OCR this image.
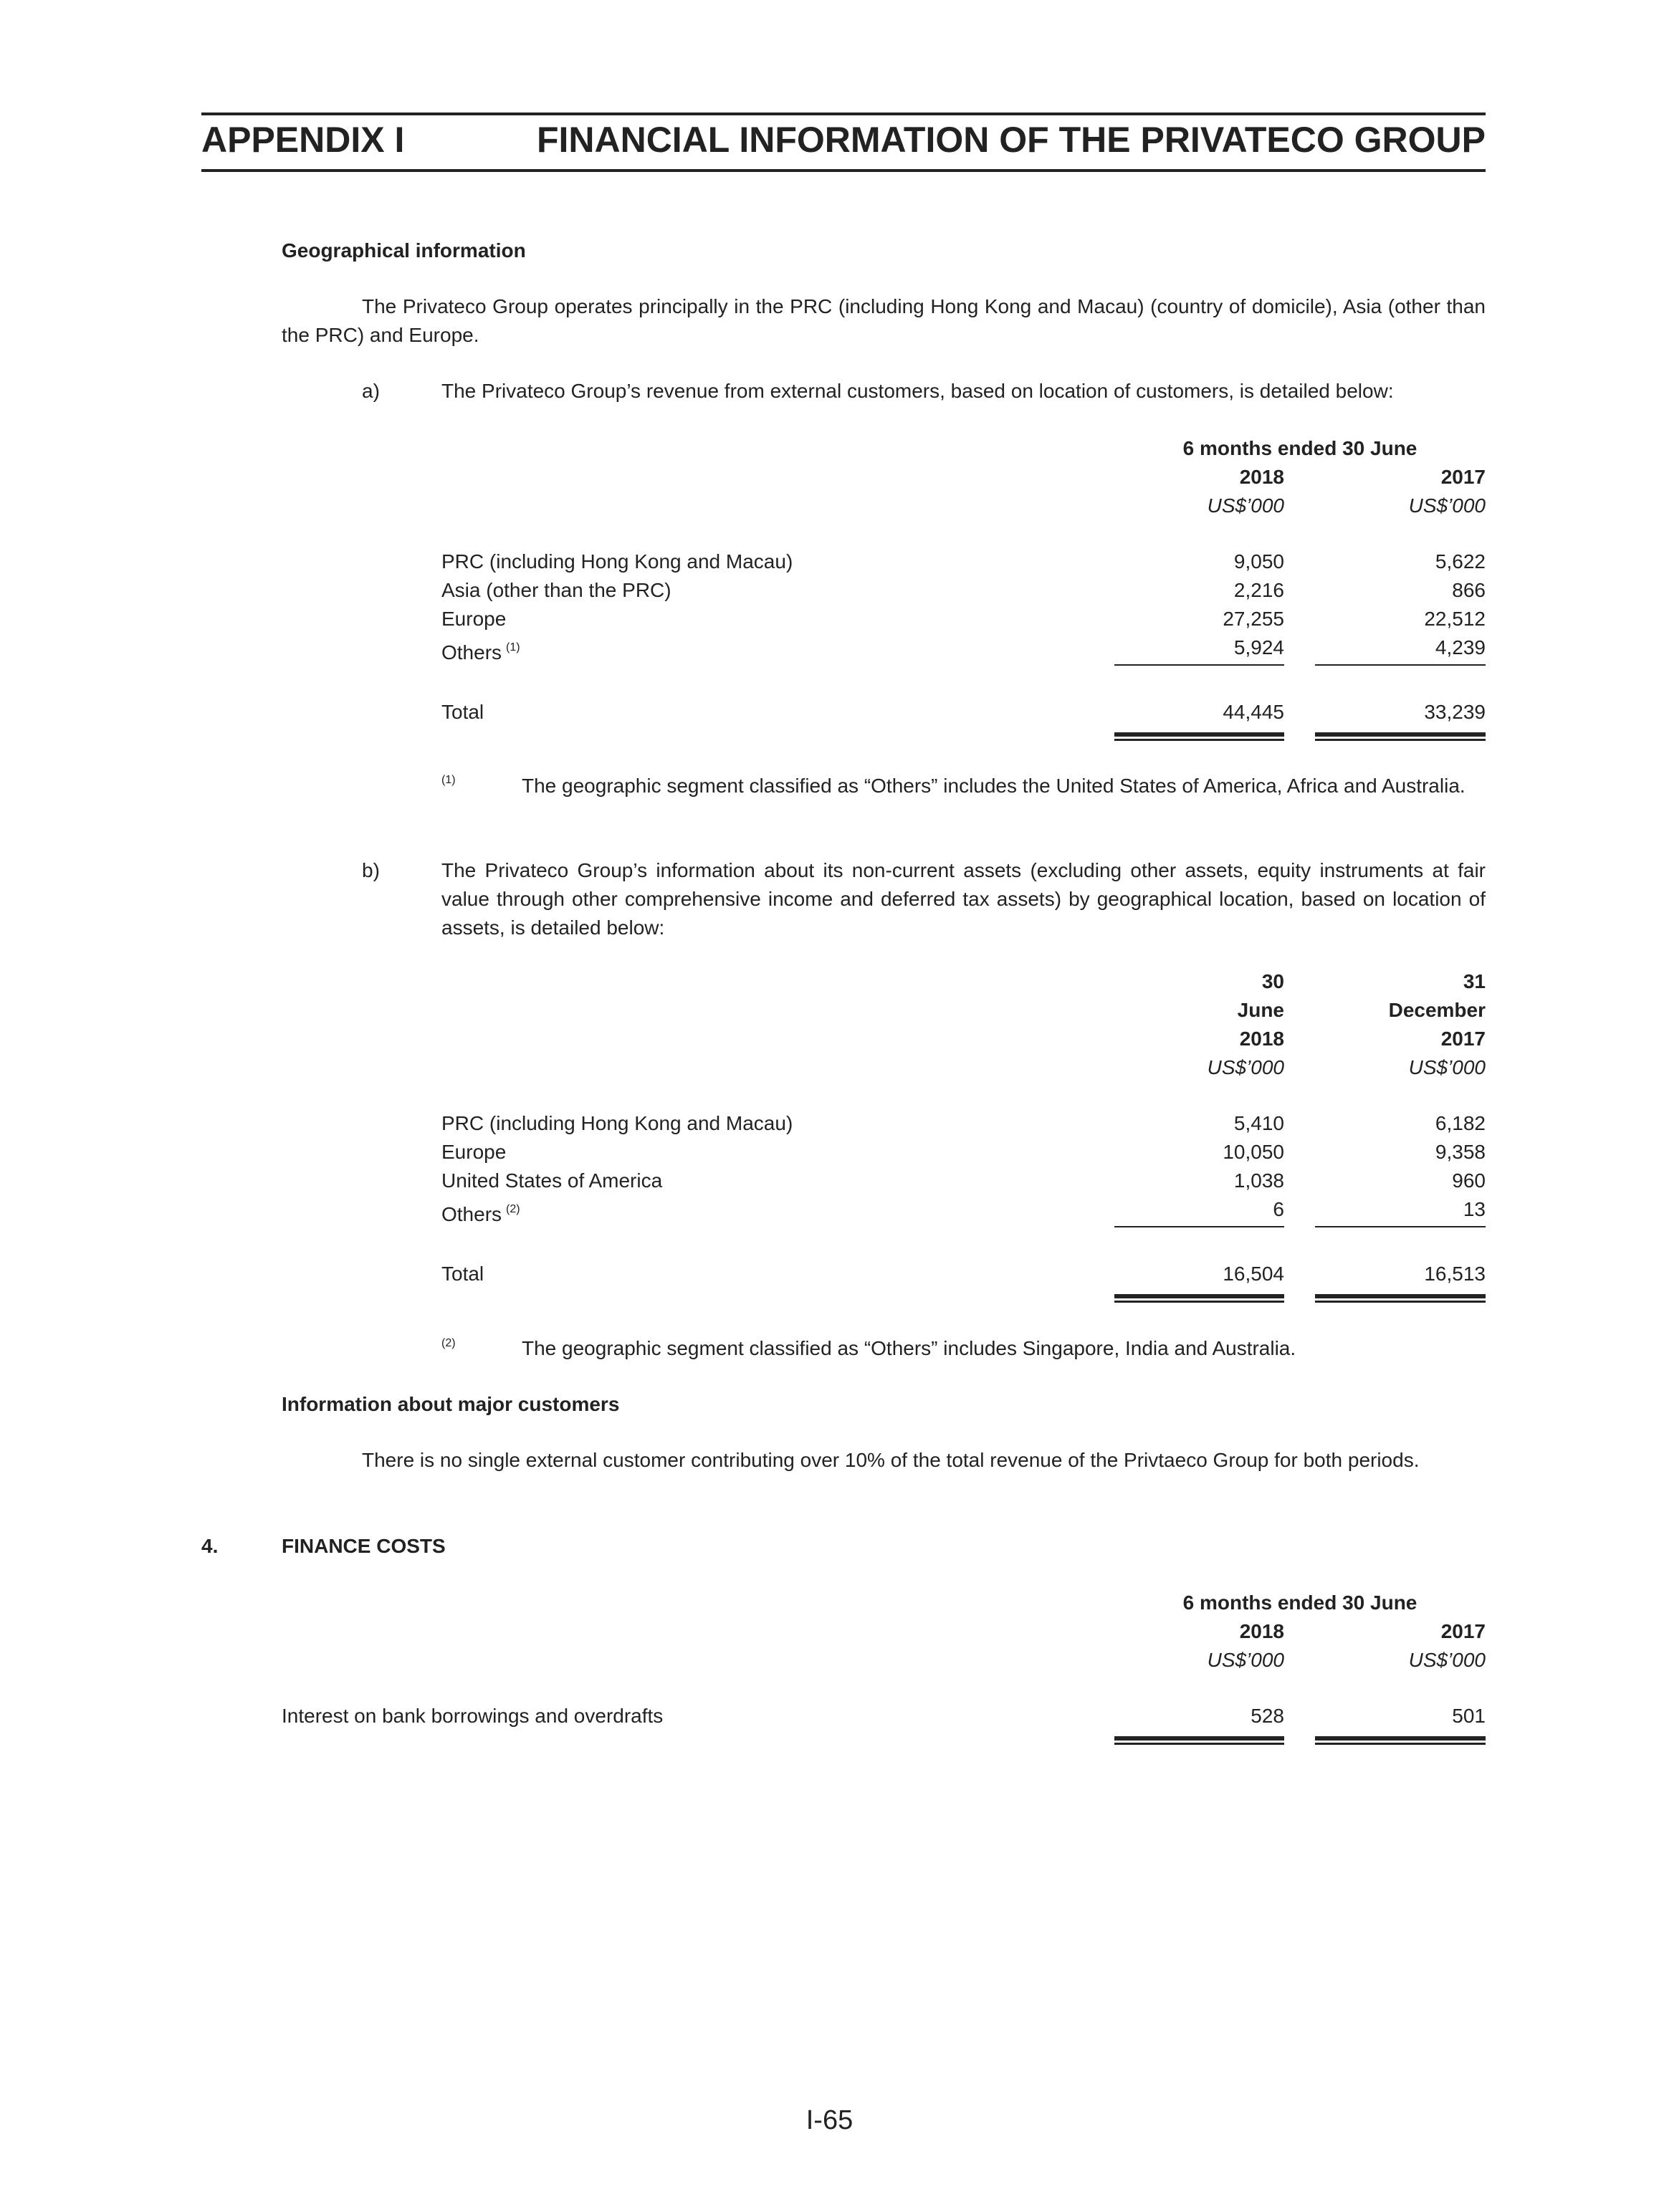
APPENDIX I	FINANCIAL INFORMATION OF THE PRIVATECO GROUP
Geographical information
The Privateco Group operates principally in the PRC (including Hong Kong and Macau) (country of domicile), Asia (other than the PRC) and Europe.
a)	The Privateco Group’s revenue from external customers, based on location of customers, is detailed below:
6 months ended 30 June
2018	2017
US$’000	US$’000
PRC (including Hong Kong and Macau)	9,050	5,622
Asia (other than the PRC)	2,216	866
Europe	27,255	22,512
Others $^{(1)}$	5,924	4,239
Total	44,445	33,239
(1)	The geographic segment classified as “Others” includes the United States of America, Africa and Australia.
b)	The Privateco Group’s information about its non-current assets (excluding other assets, equity instruments at fair value through other comprehensive income and deferred tax assets) by geographical location, based on location of assets, is detailed below:
30	31
June	December
2018	2017
US$’000	US$’000
PRC (including Hong Kong and Macau)	5,410	6,182
Europe	10,050	9,358
United States of America	1,038	960
Others $^{(2)}$	6	13
Total	16,504	16,513
(2)	The geographic segment classified as “Others” includes Singapore, India and Australia.
Information about major customers
There is no single external customer contributing over 10% of the total revenue of the Privtaeco Group for both periods.
4.	FINANCE COSTS
6 months ended 30 June
2018	2017
US$’000	US$’000
Interest on bank borrowings and overdrafts	528	501
I-65
